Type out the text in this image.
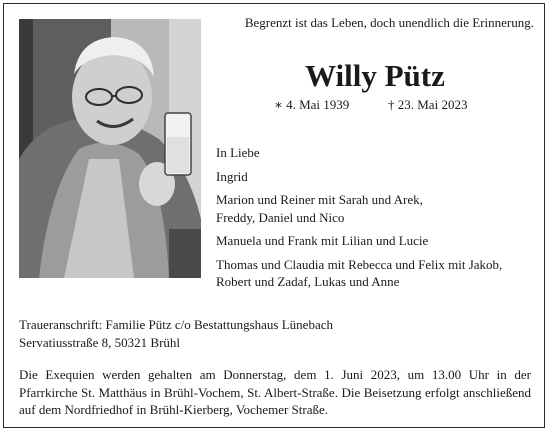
Begrenzt ist das Leben, doch unendlich die Erinnerung.
Willy Pütz
∗ 4. Mai 1939	† 23. Mai 2023
In Liebe
Ingrid
Marion und Reiner mit Sarah und Arek,
Freddy, Daniel und Nico
Manuela und Frank mit Lilian und Lucie
Thomas und Claudia mit Rebecca und Felix mit Jakob,
Robert und Zadaf, Lukas und Anne
Traueranschrift: Familie Pütz c/o Bestattungshaus Lünebach
Servatiusstraße 8, 50321 Brühl
Die Exequien werden gehalten am Donnerstag, dem 1. Juni 2023, um 13.00 Uhr in der Pfarrkirche St. Matthäus in Brühl-Vochem, St. Albert-Straße. Die Beisetzung erfolgt anschließend auf dem Nordfriedhof in Brühl-Kierberg, Vochemer Straße.
